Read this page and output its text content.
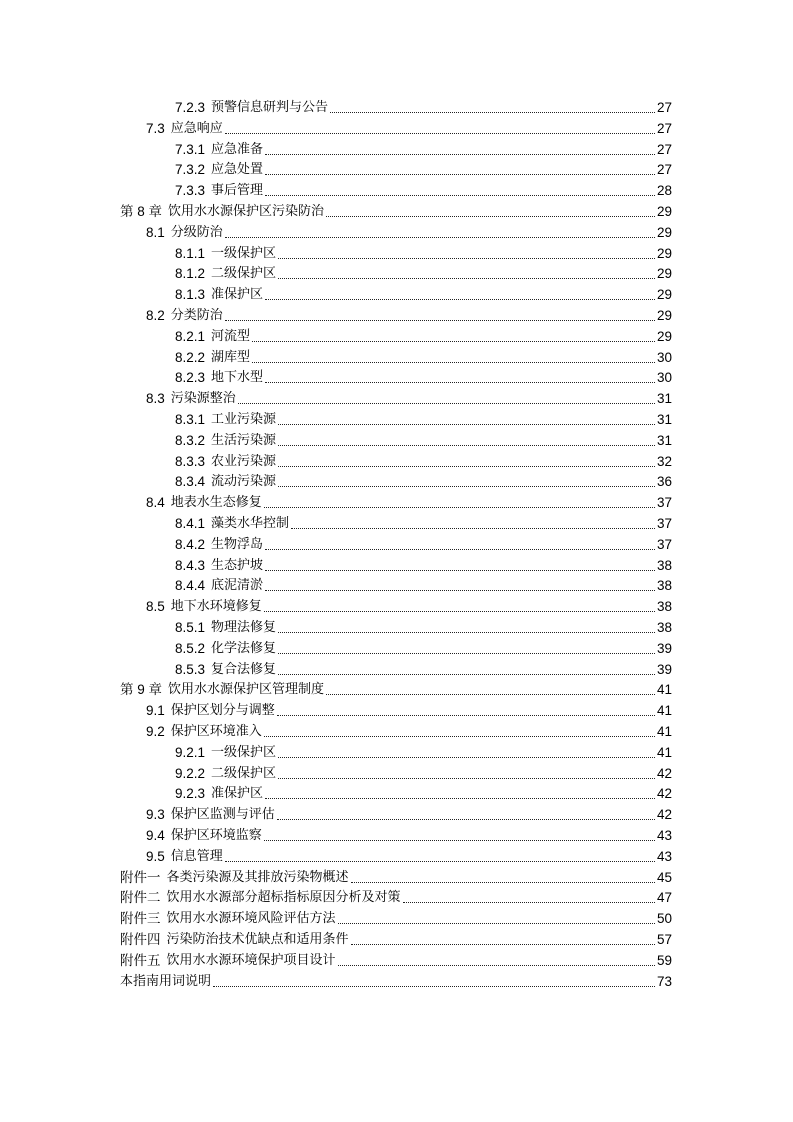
7.2.3 预警信息研判与公告	27
7.3 应急响应	27
7.3.1 应急准备	27
7.3.2 应急处置	27
7.3.3 事后管理	28
第 8 章 饮用水水源保护区污染防治	29
8.1 分级防治	29
8.1.1 一级保护区	29
8.1.2 二级保护区	29
8.1.3 准保护区	29
8.2 分类防治	29
8.2.1 河流型	29
8.2.2 湖库型	30
8.2.3 地下水型	30
8.3 污染源整治	31
8.3.1 工业污染源	31
8.3.2 生活污染源	31
8.3.3 农业污染源	32
8.3.4 流动污染源	36
8.4 地表水生态修复	37
8.4.1 藻类水华控制	37
8.4.2 生物浮岛	37
8.4.3 生态护坡	38
8.4.4 底泥清淤	38
8.5 地下水环境修复	38
8.5.1 物理法修复	38
8.5.2 化学法修复	39
8.5.3 复合法修复	39
第 9 章 饮用水水源保护区管理制度	41
9.1 保护区划分与调整	41
9.2 保护区环境准入	41
9.2.1 一级保护区	41
9.2.2 二级保护区	42
9.2.3 准保护区	42
9.3 保护区监测与评估	42
9.4 保护区环境监察	43
9.5 信息管理	43
附件一 各类污染源及其排放污染物概述	45
附件二 饮用水水源部分超标指标原因分析及对策	47
附件三 饮用水水源环境风险评估方法	50
附件四 污染防治技术优缺点和适用条件	57
附件五 饮用水水源环境保护项目设计	59
本指南用词说明	73
